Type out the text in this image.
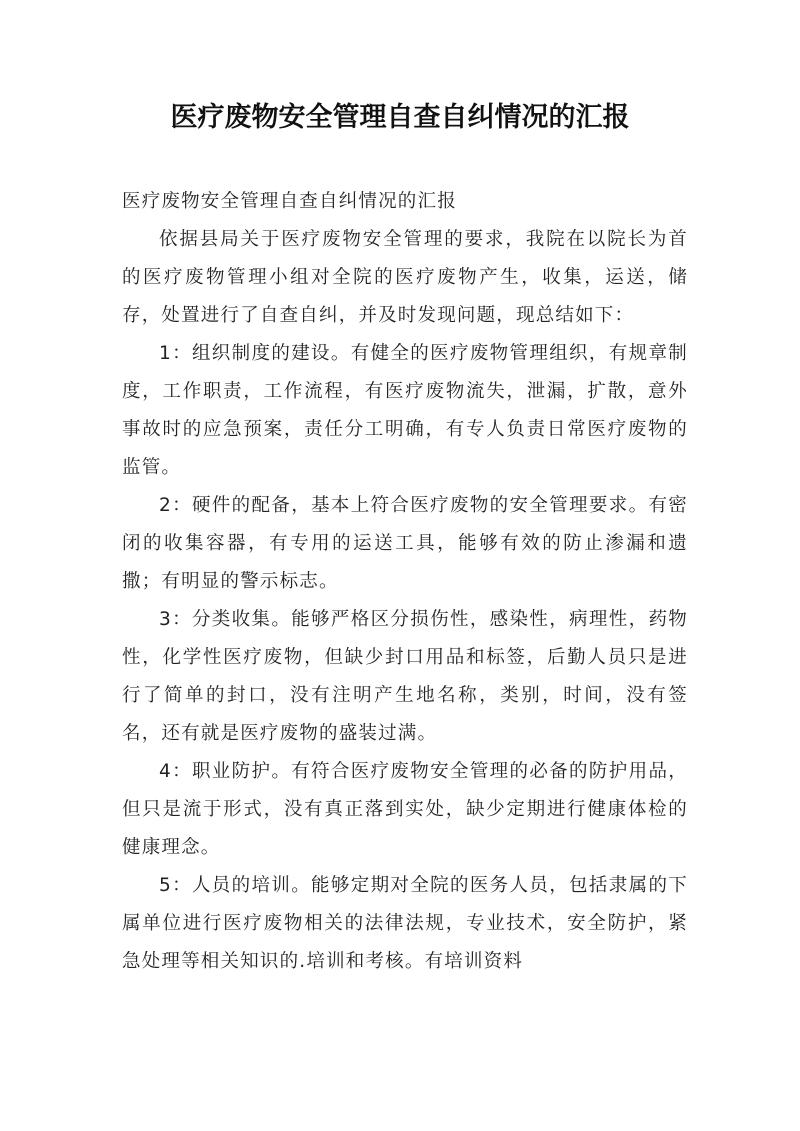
医疗废物安全管理自查自纠情况的汇报

医疗废物安全管理自查自纠情况的汇报

依据县局关于医疗废物安全管理的要求，我院在以院长为首的医疗废物管理小组对全院的医疗废物产生，收集，运送，储存，处置进行了自查自纠，并及时发现问题，现总结如下：

1：组织制度的建设。有健全的医疗废物管理组织，有规章制度，工作职责，工作流程，有医疗废物流失，泄漏，扩散，意外事故时的应急预案，责任分工明确，有专人负责日常医疗废物的监管。

2：硬件的配备，基本上符合医疗废物的安全管理要求。有密闭的收集容器，有专用的运送工具，能够有效的防止渗漏和遗撒；有明显的警示标志。

3：分类收集。能够严格区分损伤性，感染性，病理性，药物性，化学性医疗废物，但缺少封口用品和标签，后勤人员只是进行了简单的封口，没有注明产生地名称，类别，时间，没有签名，还有就是医疗废物的盛装过满。

4：职业防护。有符合医疗废物安全管理的必备的防护用品，但只是流于形式，没有真正落到实处，缺少定期进行健康体检的健康理念。

5：人员的培训。能够定期对全院的医务人员，包括隶属的下属单位进行医疗废物相关的法律法规，专业技术，安全防护，紧急处理等相关知识的.培训和考核。有培训资料
